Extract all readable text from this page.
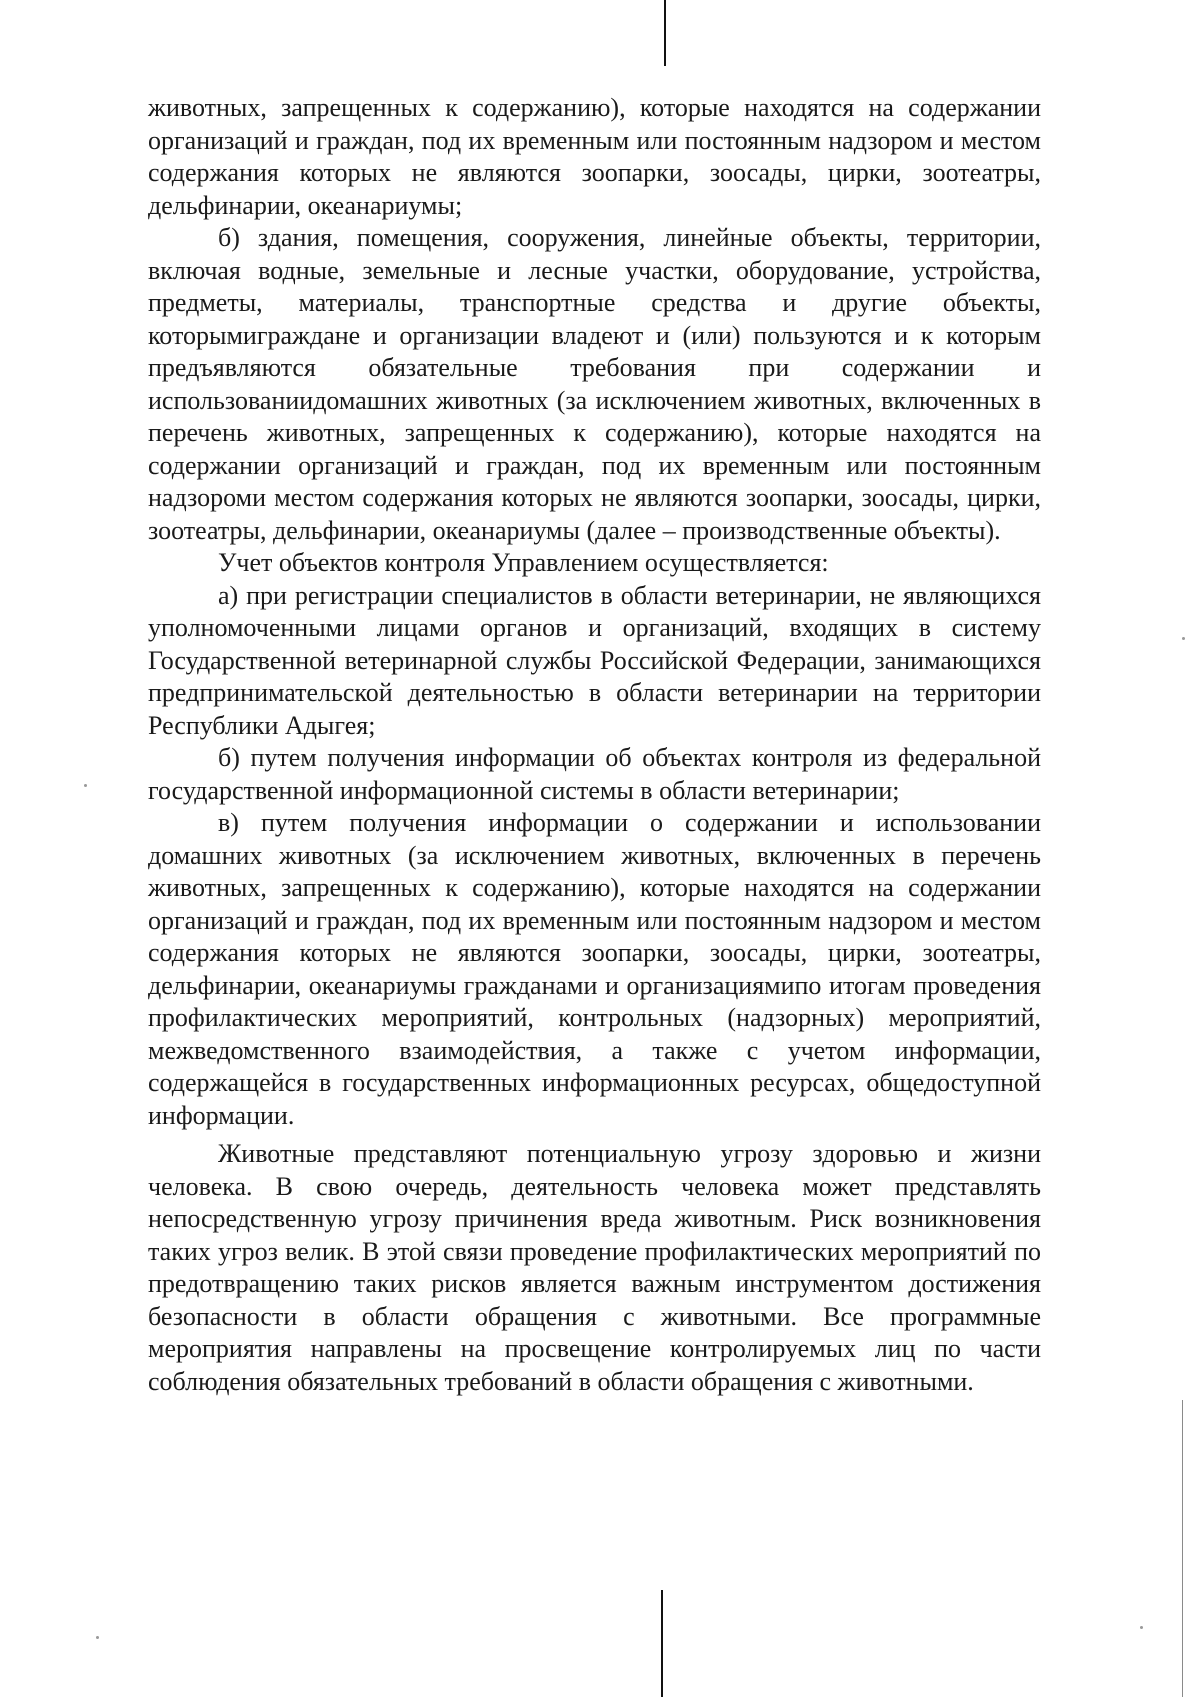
животных, запрещенных к содержанию), которые находятся на содержании организаций и граждан, под их временным или постоянным надзором и местом содержания которых не являются зоопарки, зоосады, цирки, зоотеатры, дельфинарии, океанариумы;

б) здания, помещения, сооружения, линейные объекты, территории, включая водные, земельные и лесные участки, оборудование, устройства, предметы, материалы, транспортные средства и другие объекты, которымиграждане и организации владеют и (или) пользуются и к которым предъявляются обязательные требования при содержании и использованиидомашних животных (за исключением животных, включенных в перечень животных, запрещенных к содержанию), которые находятся на содержании организаций и граждан, под их временным или постоянным надзороми местом содержания которых не являются зоопарки, зоосады, цирки, зоотеатры, дельфинарии, океанариумы (далее – производственные объекты).

Учет объектов контроля Управлением осуществляется:

а) при регистрации специалистов в области ветеринарии, не являющихся уполномоченными лицами органов и организаций, входящих в систему Государственной ветеринарной службы Российской Федерации, занимающихся предпринимательской деятельностью в области ветеринарии на территории Республики Адыгея;

б) путем получения информации об объектах контроля из федеральной государственной информационной системы в области ветеринарии;

в) путем получения информации о содержании и использовании домашних животных (за исключением животных, включенных в перечень животных, запрещенных к содержанию), которые находятся на содержании организаций и граждан, под их временным или постоянным надзором и местом содержания которых не являются зоопарки, зоосады, цирки, зоотеатры, дельфинарии, океанариумы гражданами и организациямипо итогам проведения профилактических мероприятий, контрольных (надзорных) мероприятий, межведомственного взаимодействия, а также с учетом информации, содержащейся в государственных информационных ресурсах, общедоступной информации.

Животные представляют потенциальную угрозу здоровью и жизни человека. В свою очередь, деятельность человека может представлять непосредственную угрозу причинения вреда животным. Риск возникновения таких угроз велик. В этой связи проведение профилактических мероприятий по предотвращению таких рисков является важным инструментом достижения безопасности в области обращения с животными. Все программные мероприятия направлены на просвещение контролируемых лиц по части соблюдения обязательных требований в области обращения с животными.
